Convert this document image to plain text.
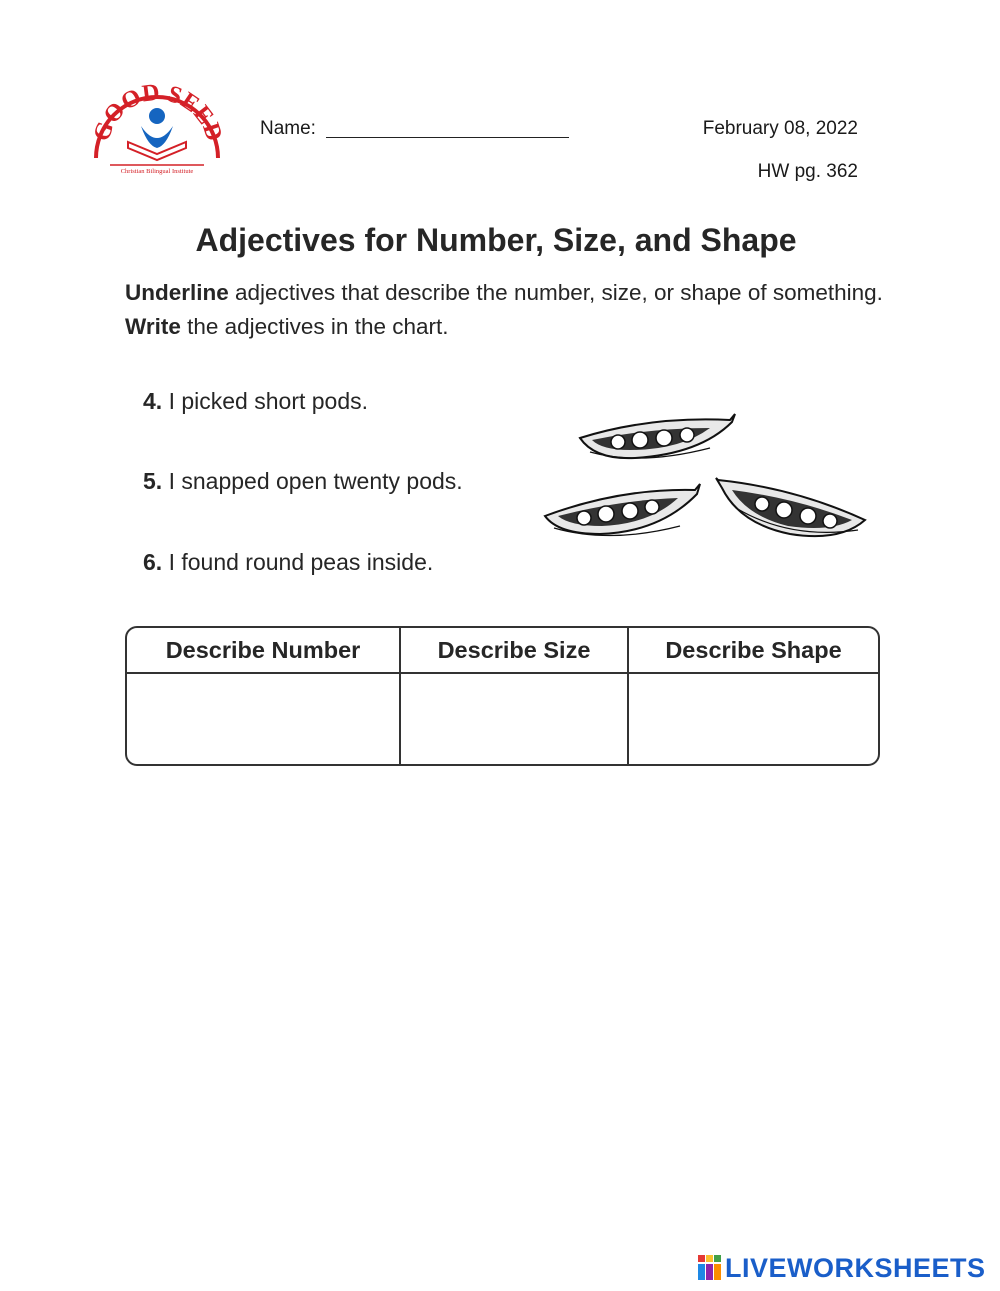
GOOD SEED
Christian Bilingual Institute
Name:	February 08, 2022
HW pg. 362
Adjectives for Number, Size, and Shape
Underline adjectives that describe the number, size, or shape of something. Write the adjectives in the chart.
4. I picked short pods.
5. I snapped open twenty pods.
6. I found round peas inside.
Describe Number	Describe Size	Describe Shape
LIVEWORKSHEETS
